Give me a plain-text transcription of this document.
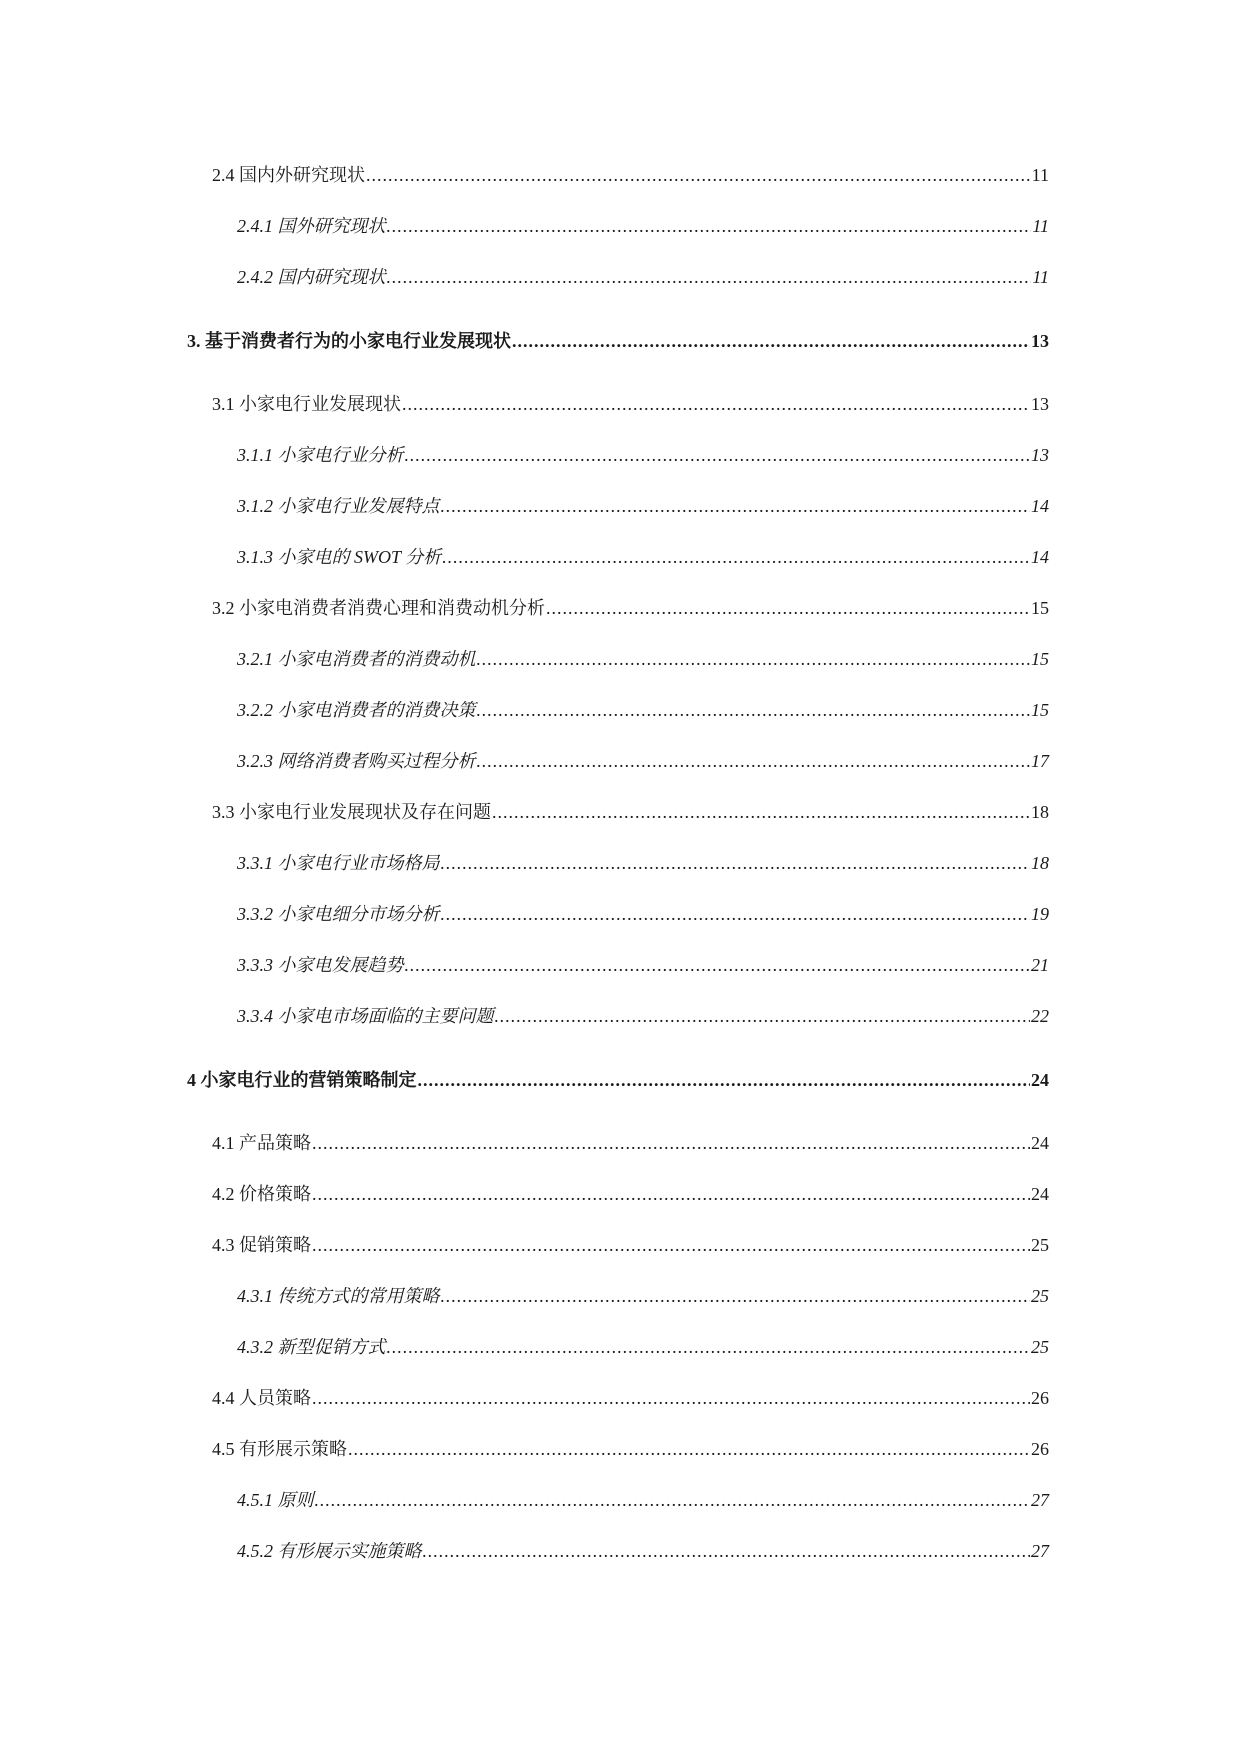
2.4 国内外研究现状 .....	11
2.4.1 国外研究现状 .....	11
2.4.2 国内研究现状 .....	11
3. 基于消费者行为的小家电行业发展现状 .....	13
3.1 小家电行业发展现状 .....	13
3.1.1 小家电行业分析 .....	13
3.1.2 小家电行业发展特点 .....	14
3.1.3 小家电的 SWOT 分析 .....	14
3.2 小家电消费者消费心理和消费动机分析 .....	15
3.2.1 小家电消费者的消费动机 .....	15
3.2.2 小家电消费者的消费决策 .....	15
3.2.3 网络消费者购买过程分析 .....	17
3.3 小家电行业发展现状及存在问题 .....	18
3.3.1 小家电行业市场格局 .....	18
3.3.2 小家电细分市场分析 .....	19
3.3.3 小家电发展趋势 .....	21
3.3.4 小家电市场面临的主要问题 .....	22
4 小家电行业的营销策略制定 .....	24
4.1 产品策略 .....	24
4.2 价格策略 .....	24
4.3 促销策略 .....	25
4.3.1 传统方式的常用策略 .....	25
4.3.2 新型促销方式 .....	25
4.4 人员策略 .....	26
4.5 有形展示策略 .....	26
4.5.1 原则 .....	27
4.5.2 有形展示实施策略 .....	27
